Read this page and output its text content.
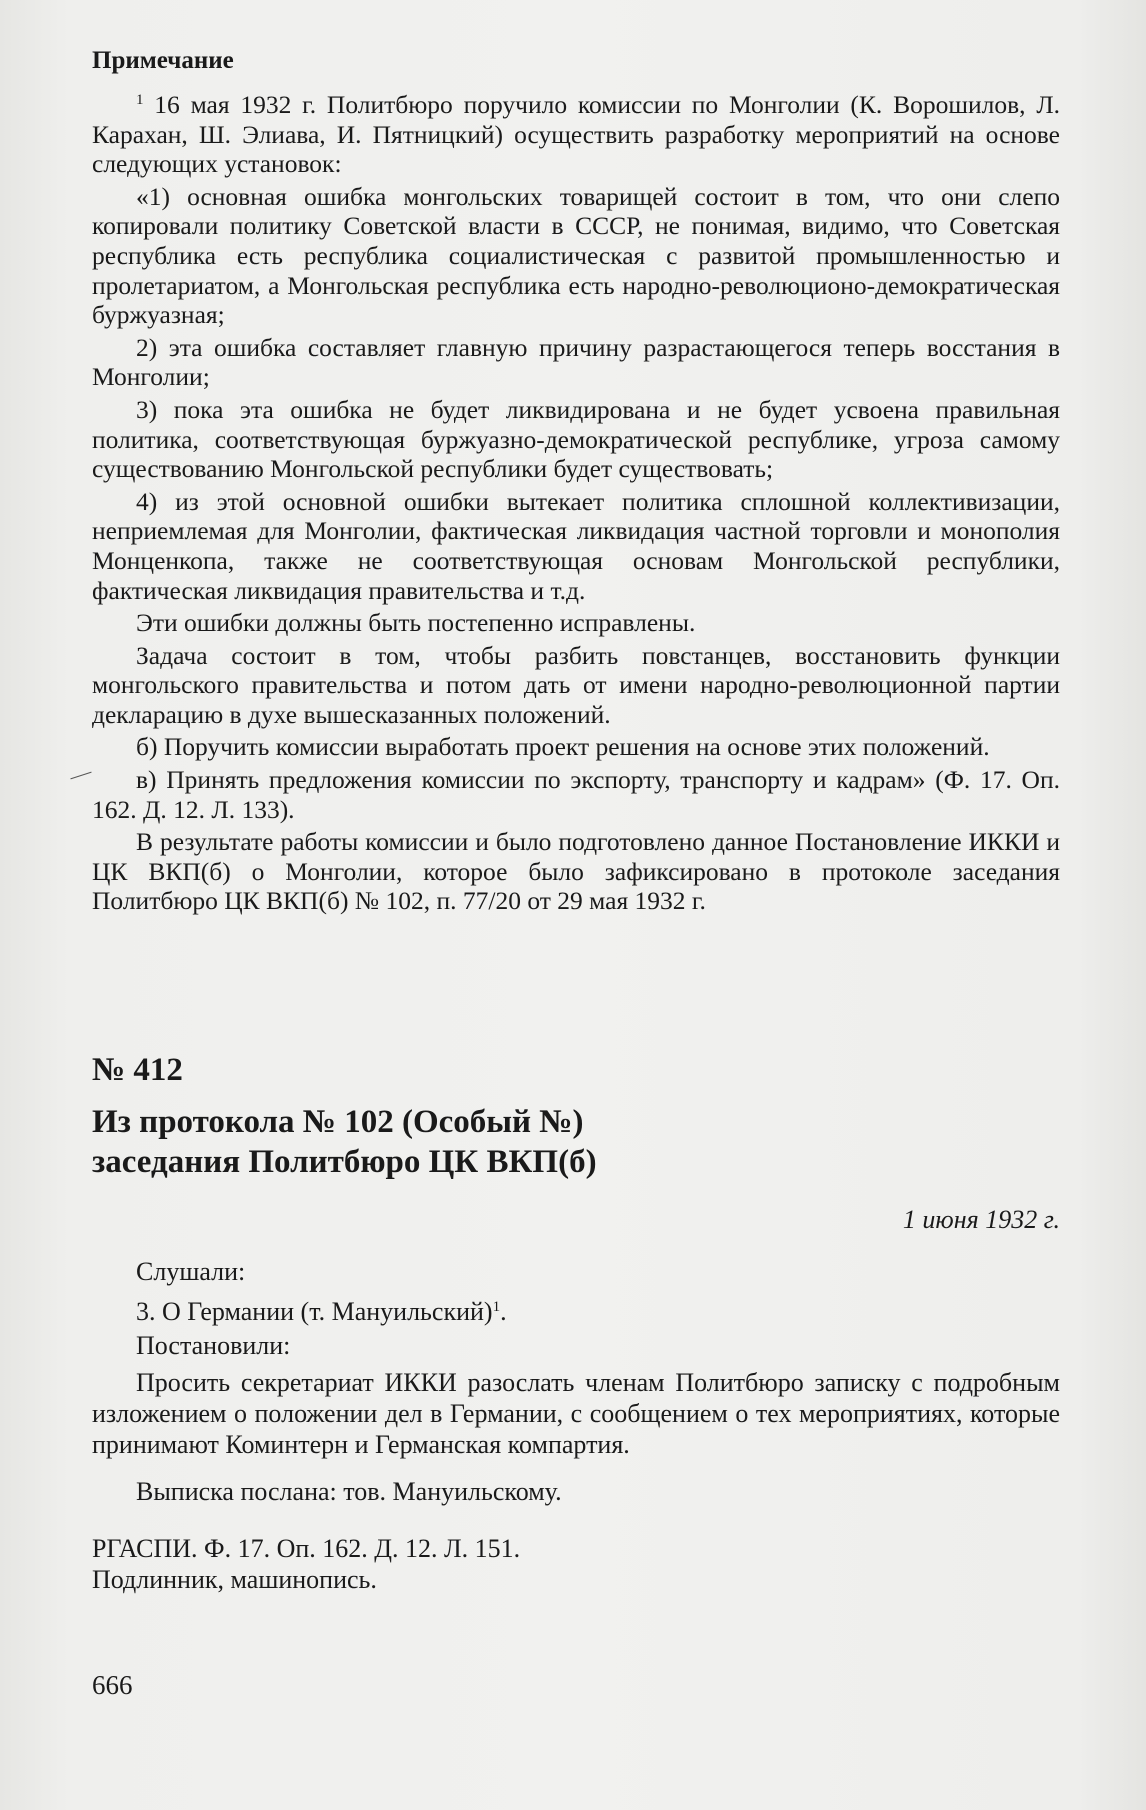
Примечание

$^1$ 16 мая 1932 г. Политбюро поручило комиссии по Монголии (К. Ворошилов, Л. Карахан, Ш. Элиава, И. Пятницкий) осуществить разработку мероприятий на основе следующих установок:

«1) основная ошибка монгольских товарищей состоит в том, что они слепо копировали политику Советской власти в СССР, не понимая, видимо, что Советская республика есть республика социалистическая с развитой промышленностью и пролетариатом, а Монгольская республика есть народно-революционо-демократическая буржуазная;

2) эта ошибка составляет главную причину разрастающегося теперь восстания в Монголии;

3) пока эта ошибка не будет ликвидирована и не будет усвоена правильная политика, соответствующая буржуазно-демократической республике, угроза самому существованию Монгольской республики будет существовать;

4) из этой основной ошибки вытекает политика сплошной коллективизации, неприемлемая для Монголии, фактическая ликвидация частной торговли и монополия Монценкопа, также не соответствующая основам Монгольской республики, фактическая ликвидация правительства и т.д.

Эти ошибки должны быть постепенно исправлены.

Задача состоит в том, чтобы разбить повстанцев, восстановить функции монгольского правительства и потом дать от имени народно-революционной партии декларацию в духе вышесказанных положений.

б) Поручить комиссии выработать проект решения на основе этих положений.

в) Принять предложения комиссии по экспорту, транспорту и кадрам» (Ф. 17. Оп. 162. Д. 12. Л. 133).

В результате работы комиссии и было подготовлено данное Постановление ИККИ и ЦК ВКП(б) о Монголии, которое было зафиксировано в протоколе заседания Политбюро ЦК ВКП(б) № 102, п. 77/20 от 29 мая 1932 г.

№ 412

Из протокола № 102 (Особый №)

заседания Политбюро ЦК ВКП(б)

1 июня 1932 г.

Слушали:

3. О Германии (т. Мануильский)$^1$.

Постановили:

Просить секретариат ИККИ разослать членам Политбюро записку с подробным изложением о положении дел в Германии, с сообщением о тех мероприятиях, которые принимают Коминтерн и Германская компартия.

Выписка послана: тов. Мануильскому.

РГАСПИ. Ф. 17. Оп. 162. Д. 12. Л. 151.

Подлинник, машинопись.

666
